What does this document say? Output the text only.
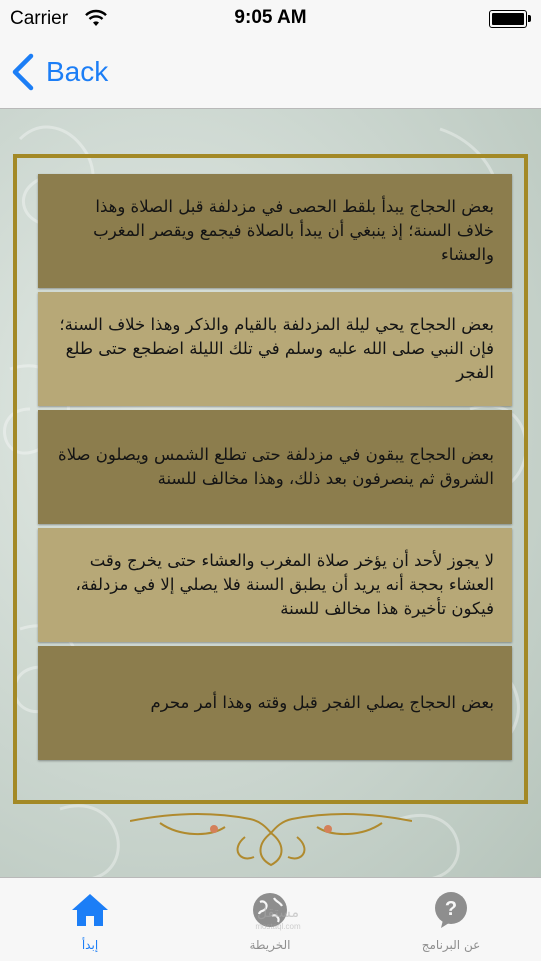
Carrier	9:05 AM
Back
بعض الحجاج يبدأ بلقط الحصى في مزدلفة قبل الصلاة وهذا خلاف السنة؛ إذ ينبغي أن يبدأ بالصلاة فيجمع ويقصر المغرب والعشاء
بعض الحجاج يحي ليلة المزدلفة بالقيام والذكر وهذا خلاف السنة؛ فإن النبي صلى الله عليه وسلم في تلك الليلة اضطجع حتى طلع الفجر
بعض الحجاج يبقون في مزدلفة حتى تطلع الشمس ويصلون صلاة الشروق ثم ينصرفون بعد ذلك، وهذا مخالف للسنة
لا يجوز لأحد أن يؤخر صلاة المغرب والعشاء حتى يخرج وقت العشاء بحجة أنه يريد أن يطبق السنة فلا يصلي إلا في مزدلفة، فيكون تأخيرة هذا مخالف للسنة
بعض الحجاج يصلي الفجر قبل وقته وهذا أمر محرم
إبدأ	الخريطة
?
عن البرنامج
مستقل
mostaql.com
